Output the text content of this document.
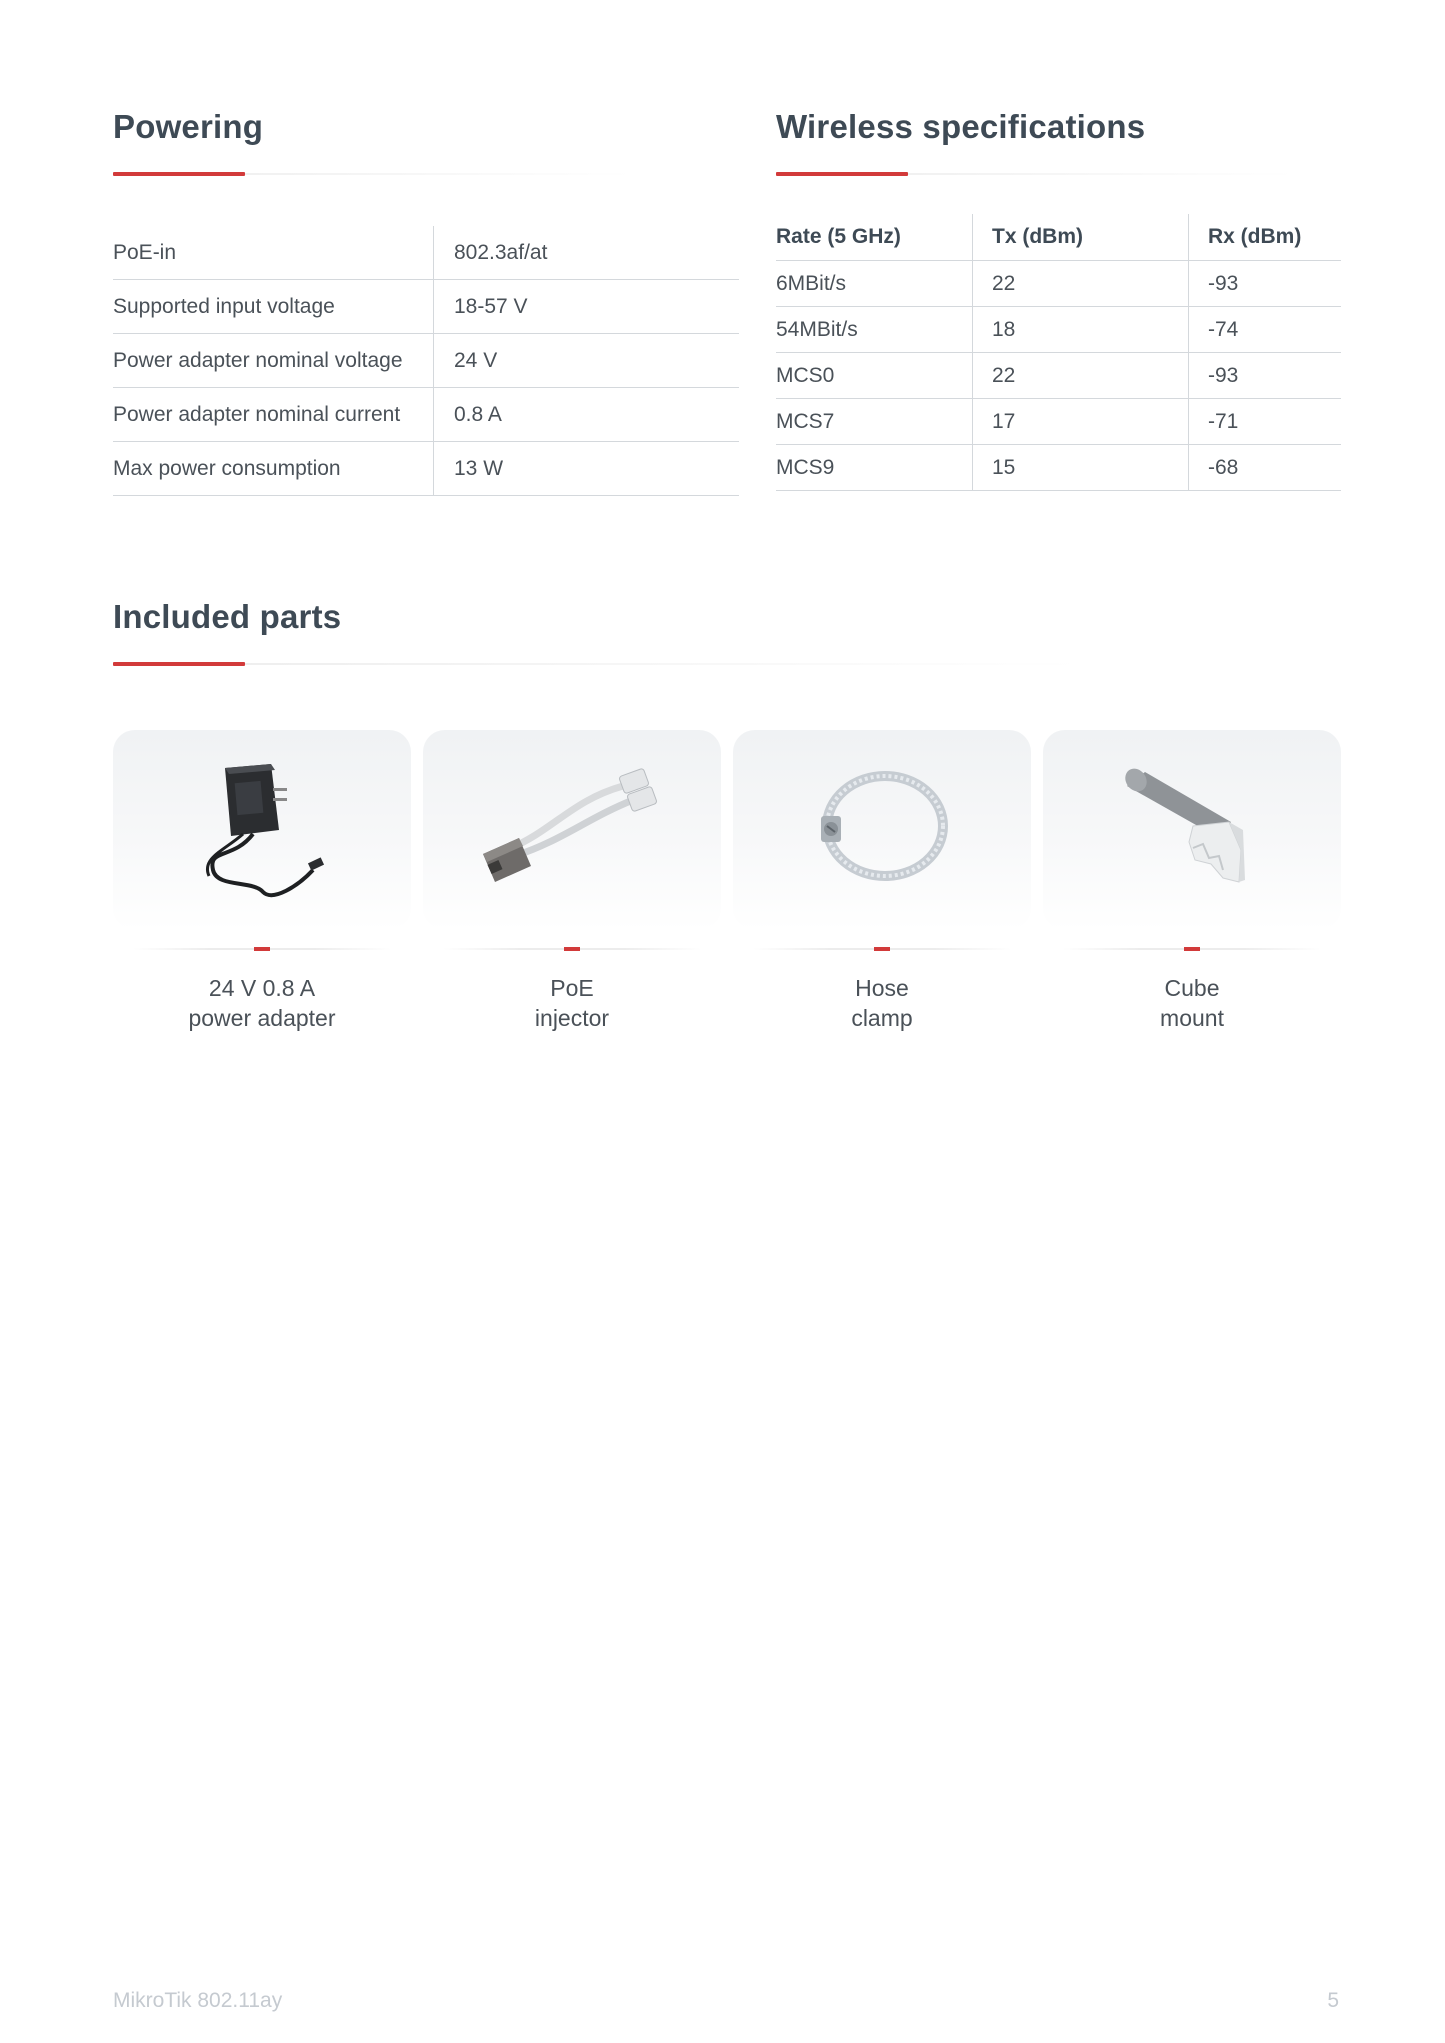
Powering
PoE-in	802.3af/at
Supported input voltage	18-57 V
Power adapter nominal voltage	24 V
Power adapter nominal current	0.8 A
Max power consumption	13 W
Wireless specifications
Rate (5 GHz)	Tx (dBm)	Rx (dBm)
6MBit/s	22	-93
54MBit/s	18	-74
MCS0	22	-93
MCS7	17	-71
MCS9	15	-68
Included parts
24 V 0.8 A
power adapter
PoE
injector
Hose
clamp
Cube
mount
MikroTik 802.11ay	5
